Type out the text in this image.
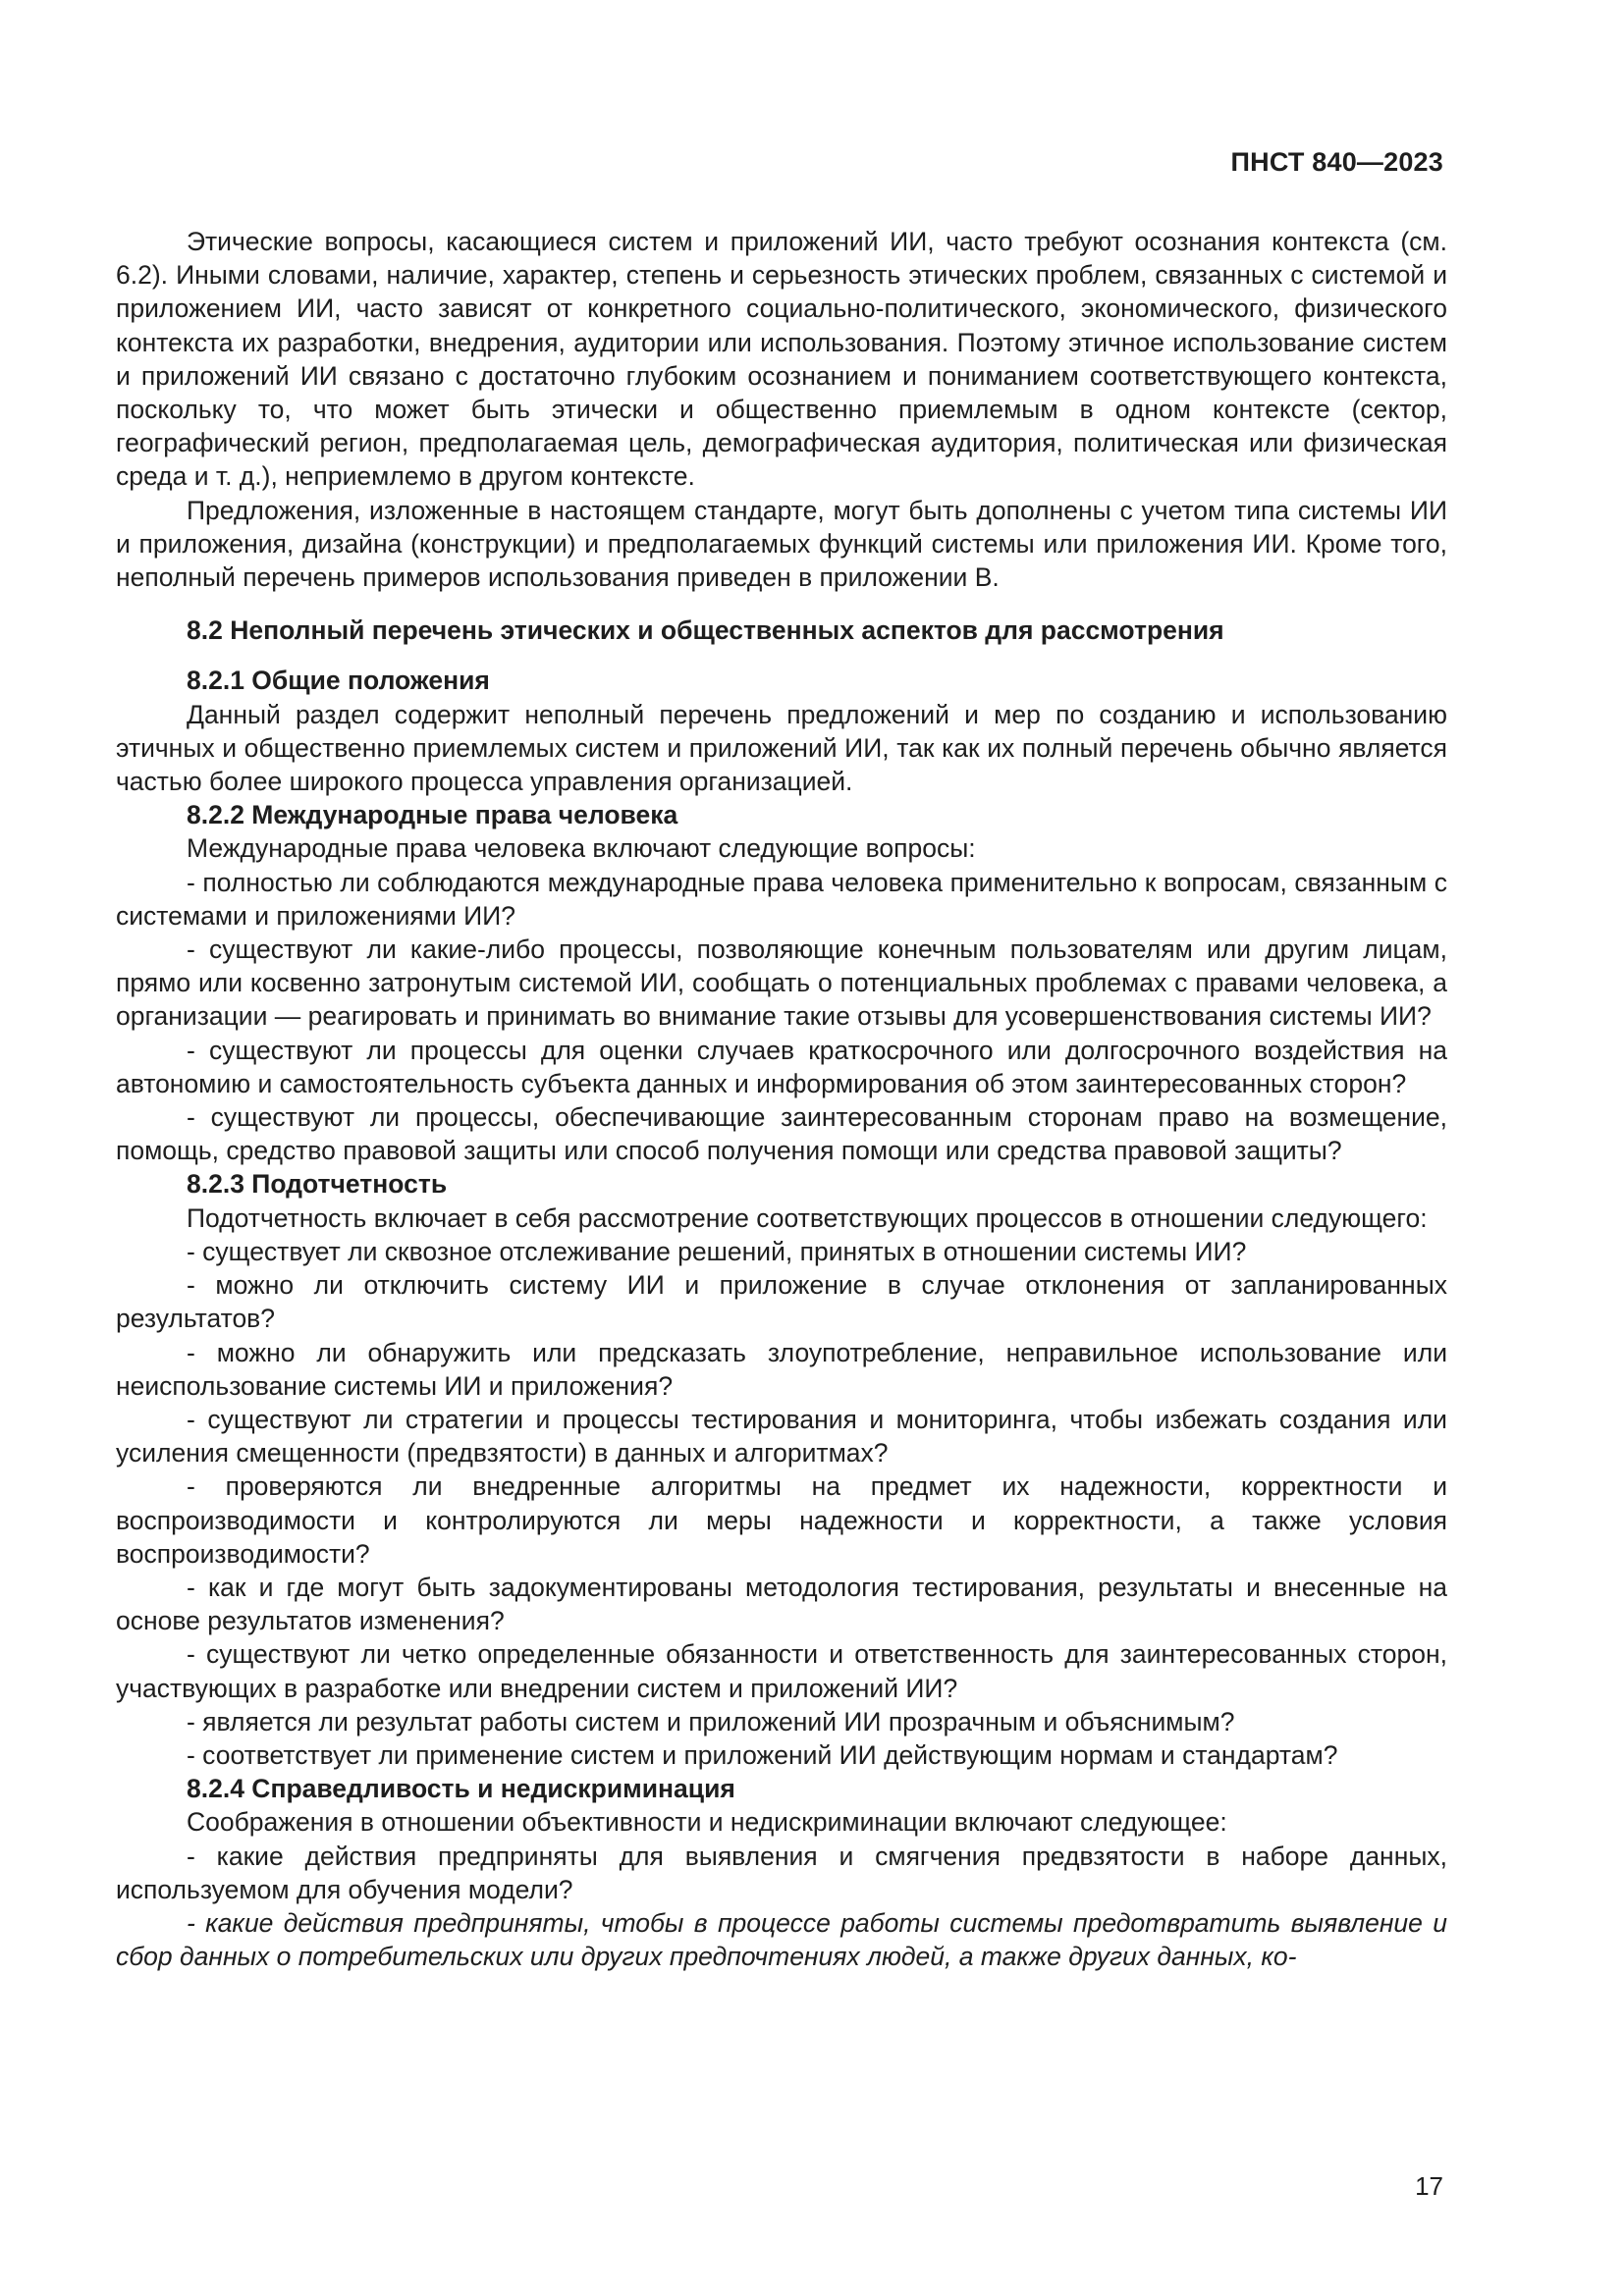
ПНСТ 840—2023

Этические вопросы, касающиеся систем и приложений ИИ, часто требуют осознания контекста (см. 6.2). Иными словами, наличие, характер, степень и серьезность этических проблем, связанных с системой и приложением ИИ, часто зависят от конкретного социально-политического, экономического, физического контекста их разработки, внедрения, аудитории или использования. Поэтому этичное использование систем и приложений ИИ связано с достаточно глубоким осознанием и пониманием соответствующего контекста, поскольку то, что может быть этически и общественно приемлемым в одном контексте (сектор, географический регион, предполагаемая цель, демографическая аудитория, политическая или физическая среда и т. д.), неприемлемо в другом контексте.

Предложения, изложенные в настоящем стандарте, могут быть дополнены с учетом типа системы ИИ и приложения, дизайна (конструкции) и предполагаемых функций системы или приложения ИИ. Кроме того, неполный перечень примеров использования приведен в приложении В.

8.2 Неполный перечень этических и общественных аспектов для рассмотрения
8.2.1 Общие положения

Данный раздел содержит неполный перечень предложений и мер по созданию и использованию этичных и общественно приемлемых систем и приложений ИИ, так как их полный перечень обычно является частью более широкого процесса управления организацией.

8.2.2 Международные права человека

Международные права человека включают следующие вопросы:

- полностью ли соблюдаются международные права человека применительно к вопросам, связанным с системами и приложениями ИИ?

- существуют ли какие-либо процессы, позволяющие конечным пользователям или другим лицам, прямо или косвенно затронутым системой ИИ, сообщать о потенциальных проблемах с правами человека, а организации — реагировать и принимать во внимание такие отзывы для усовершенствования системы ИИ?

- существуют ли процессы для оценки случаев краткосрочного или долгосрочного воздействия на автономию и самостоятельность субъекта данных и информирования об этом заинтересованных сторон?

- существуют ли процессы, обеспечивающие заинтересованным сторонам право на возмещение, помощь, средство правовой защиты или способ получения помощи или средства правовой защиты?

8.2.3 Подотчетность

Подотчетность включает в себя рассмотрение соответствующих процессов в отношении следующего:

- существует ли сквозное отслеживание решений, принятых в отношении системы ИИ?

- можно ли отключить систему ИИ и приложение в случае отклонения от запланированных результатов?

- можно ли обнаружить или предсказать злоупотребление, неправильное использование или неиспользование системы ИИ и приложения?

- существуют ли стратегии и процессы тестирования и мониторинга, чтобы избежать создания или усиления смещенности (предвзятости) в данных и алгоритмах?

- проверяются ли внедренные алгоритмы на предмет их надежности, корректности и воспроизводимости и контролируются ли меры надежности и корректности, а также условия воспроизводимости?

- как и где могут быть задокументированы методология тестирования, результаты и внесенные на основе результатов изменения?

- существуют ли четко определенные обязанности и ответственность для заинтересованных сторон, участвующих в разработке или внедрении систем и приложений ИИ?

- является ли результат работы систем и приложений ИИ прозрачным и объяснимым?

- соответствует ли применение систем и приложений ИИ действующим нормам и стандартам?

8.2.4 Справедливость и недискриминация

Соображения в отношении объективности и недискриминации включают следующее:

- какие действия предприняты для выявления и смягчения предвзятости в наборе данных, используемом для обучения модели?

- какие действия предприняты, чтобы в процессе работы системы предотвратить выявление и сбор данных о потребительских или других предпочтениях людей, а также других данных, ко-

17
